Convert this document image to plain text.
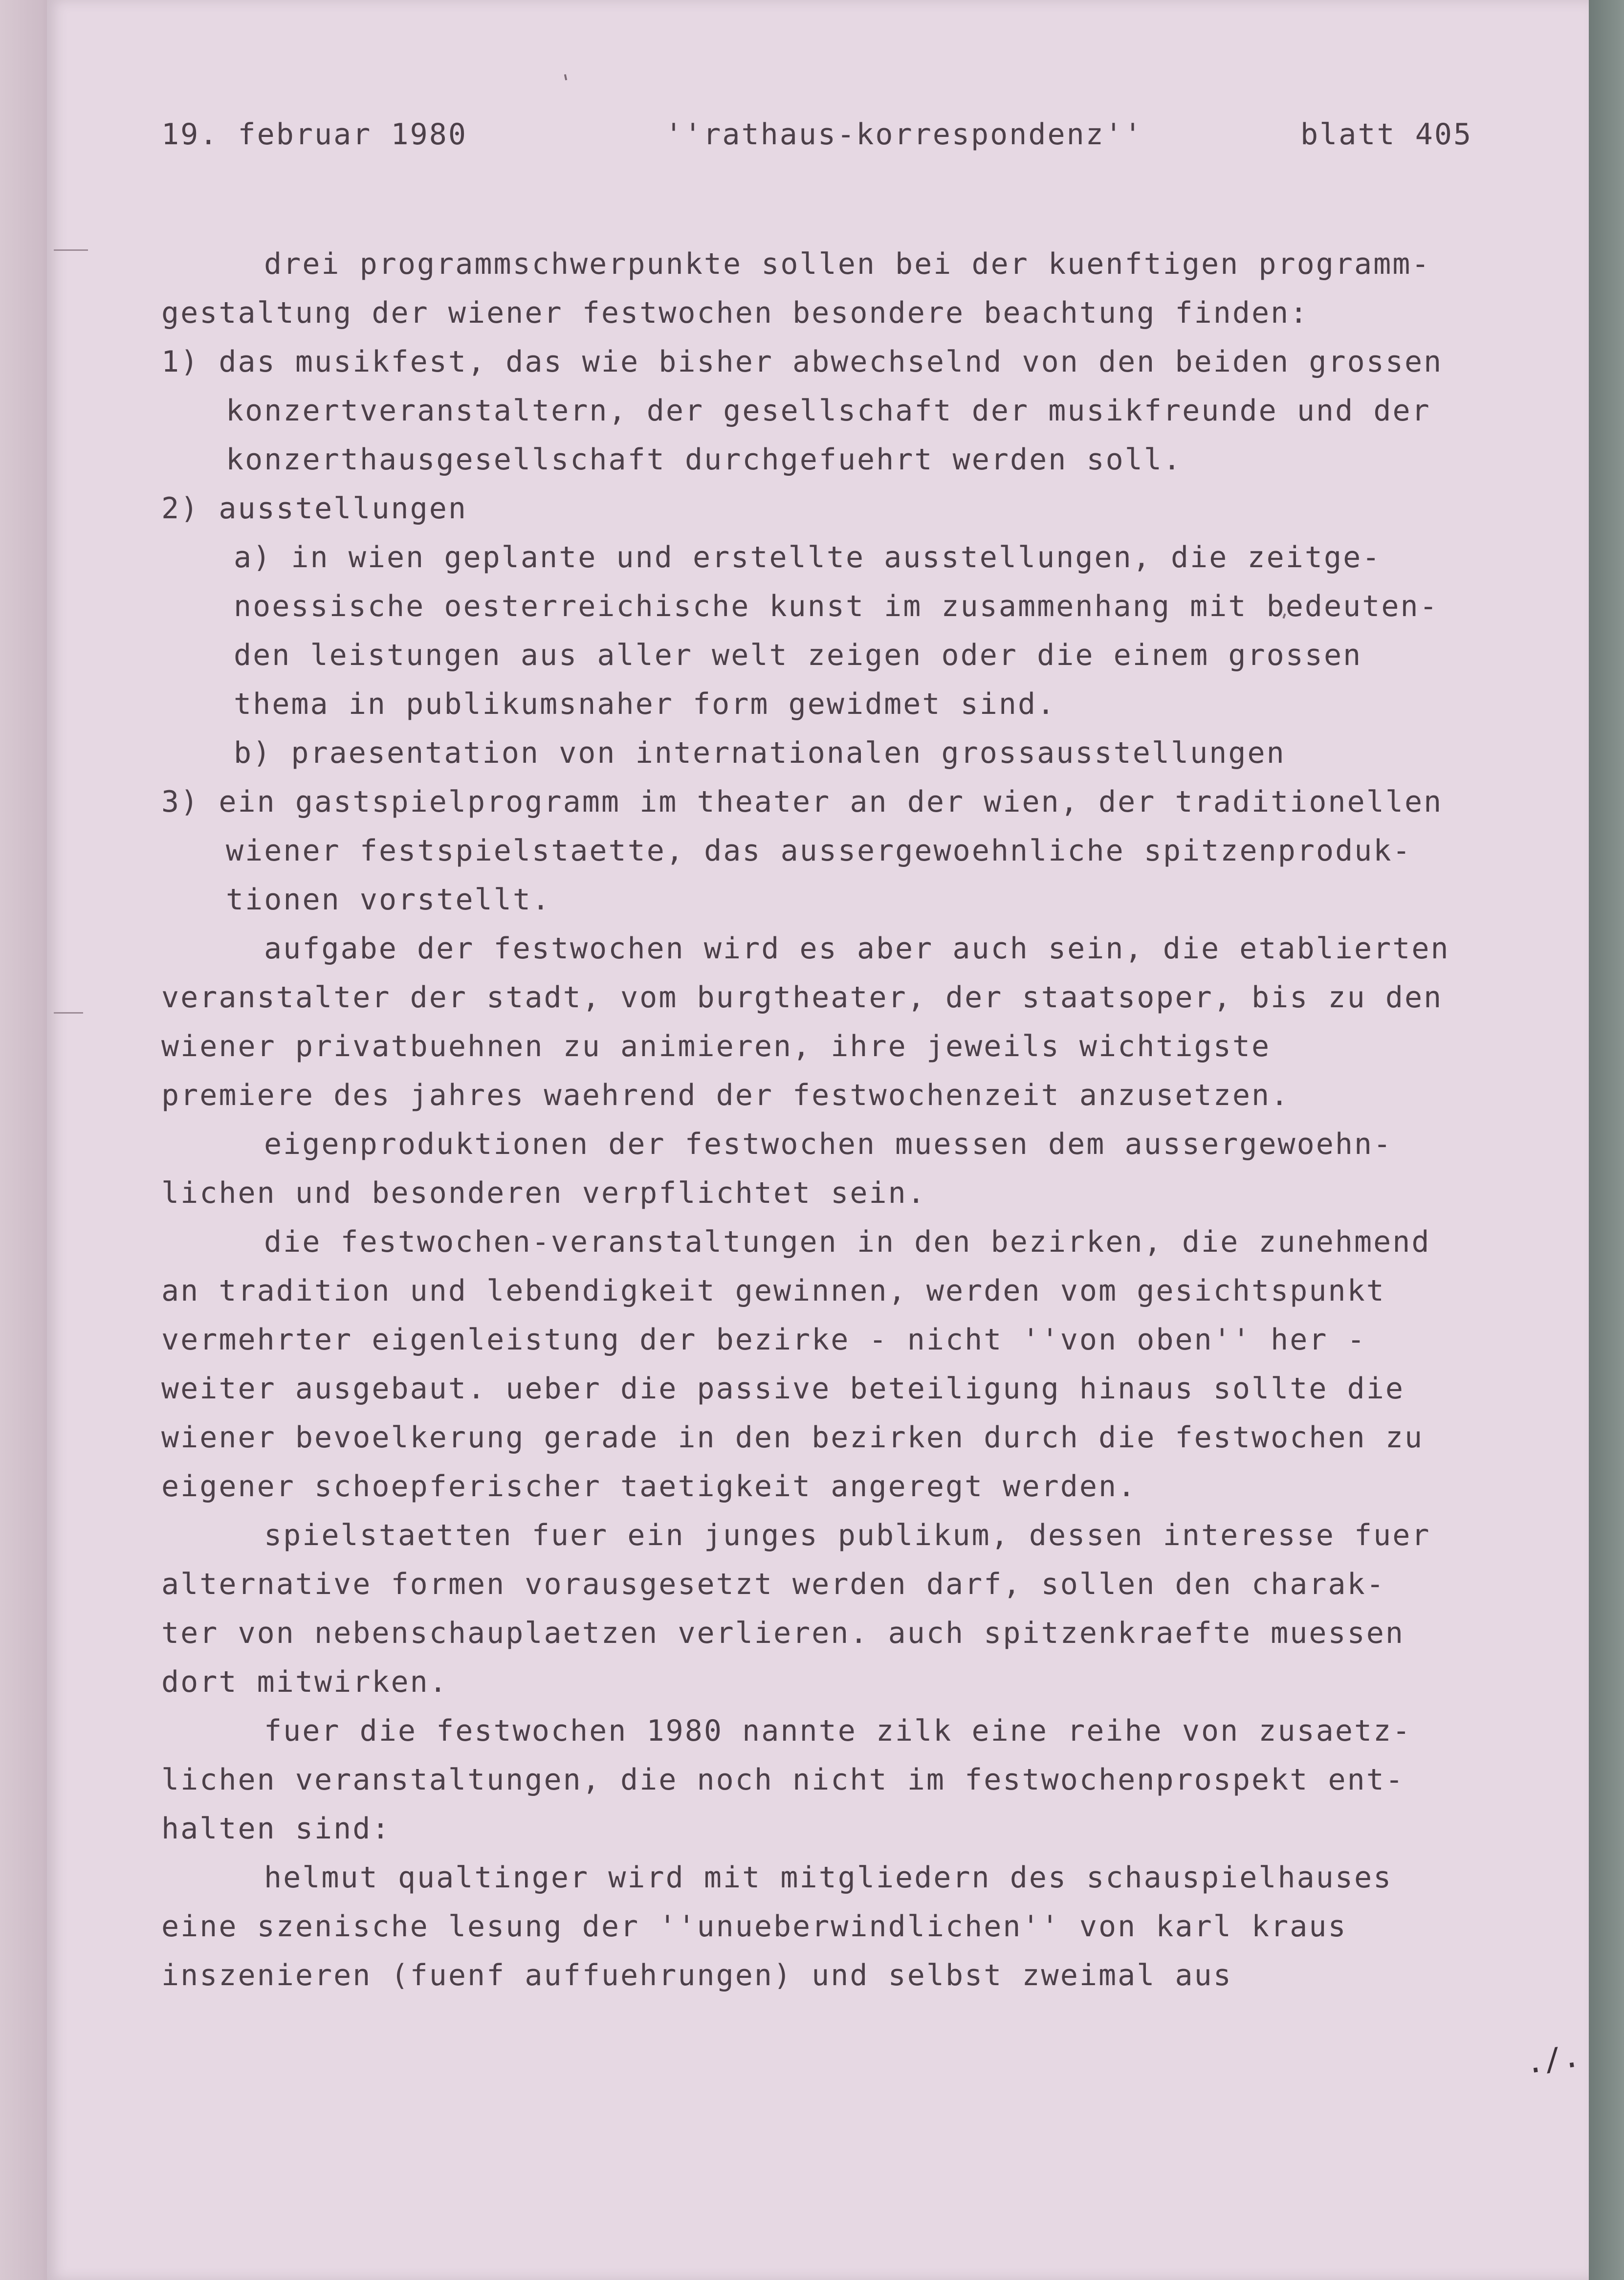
19. februar 1980	''rathaus-korrespondenz''	blatt 405
drei programmschwerpunkte sollen bei der kuenftigen programm-
gestaltung der wiener festwochen besondere beachtung finden:
1) das musikfest, das wie bisher abwechselnd von den beiden grossen
konzertveranstaltern, der gesellschaft der musikfreunde und der
konzerthausgesellschaft durchgefuehrt werden soll.
2) ausstellungen
a) in wien geplante und erstellte ausstellungen, die zeitge-
noessische oesterreichische kunst im zusammenhang mit bedeuten-
den leistungen aus aller welt zeigen oder die einem grossen
thema in publikumsnaher form gewidmet sind.
b) praesentation von internationalen grossausstellungen
3) ein gastspielprogramm im theater an der wien, der traditionellen
wiener festspielstaette, das aussergewoehnliche spitzenproduk-
tionen vorstellt.
aufgabe der festwochen wird es aber auch sein, die etablierten
veranstalter der stadt, vom burgtheater, der staatsoper, bis zu den
wiener privatbuehnen zu animieren, ihre jeweils wichtigste
premiere des jahres waehrend der festwochenzeit anzusetzen.
eigenproduktionen der festwochen muessen dem aussergewoehn-
lichen und besonderen verpflichtet sein.
die festwochen-veranstaltungen in den bezirken, die zunehmend
an tradition und lebendigkeit gewinnen, werden vom gesichtspunkt
vermehrter eigenleistung der bezirke - nicht ''von oben'' her -
weiter ausgebaut. ueber die passive beteiligung hinaus sollte die
wiener bevoelkerung gerade in den bezirken durch die festwochen zu
eigener schoepferischer taetigkeit angeregt werden.
spielstaetten fuer ein junges publikum, dessen interesse fuer
alternative formen vorausgesetzt werden darf, sollen den charak-
ter von nebenschauplaetzen verlieren. auch spitzenkraefte muessen
dort mitwirken.
fuer die festwochen 1980 nannte zilk eine reihe von zusaetz-
lichen veranstaltungen, die noch nicht im festwochenprospekt ent-
halten sind:
helmut qualtinger wird mit mitgliedern des schauspielhauses
eine szenische lesung der ''unueberwindlichen'' von karl kraus
inszenieren (fuenf auffuehrungen) und selbst zweimal aus
./.
